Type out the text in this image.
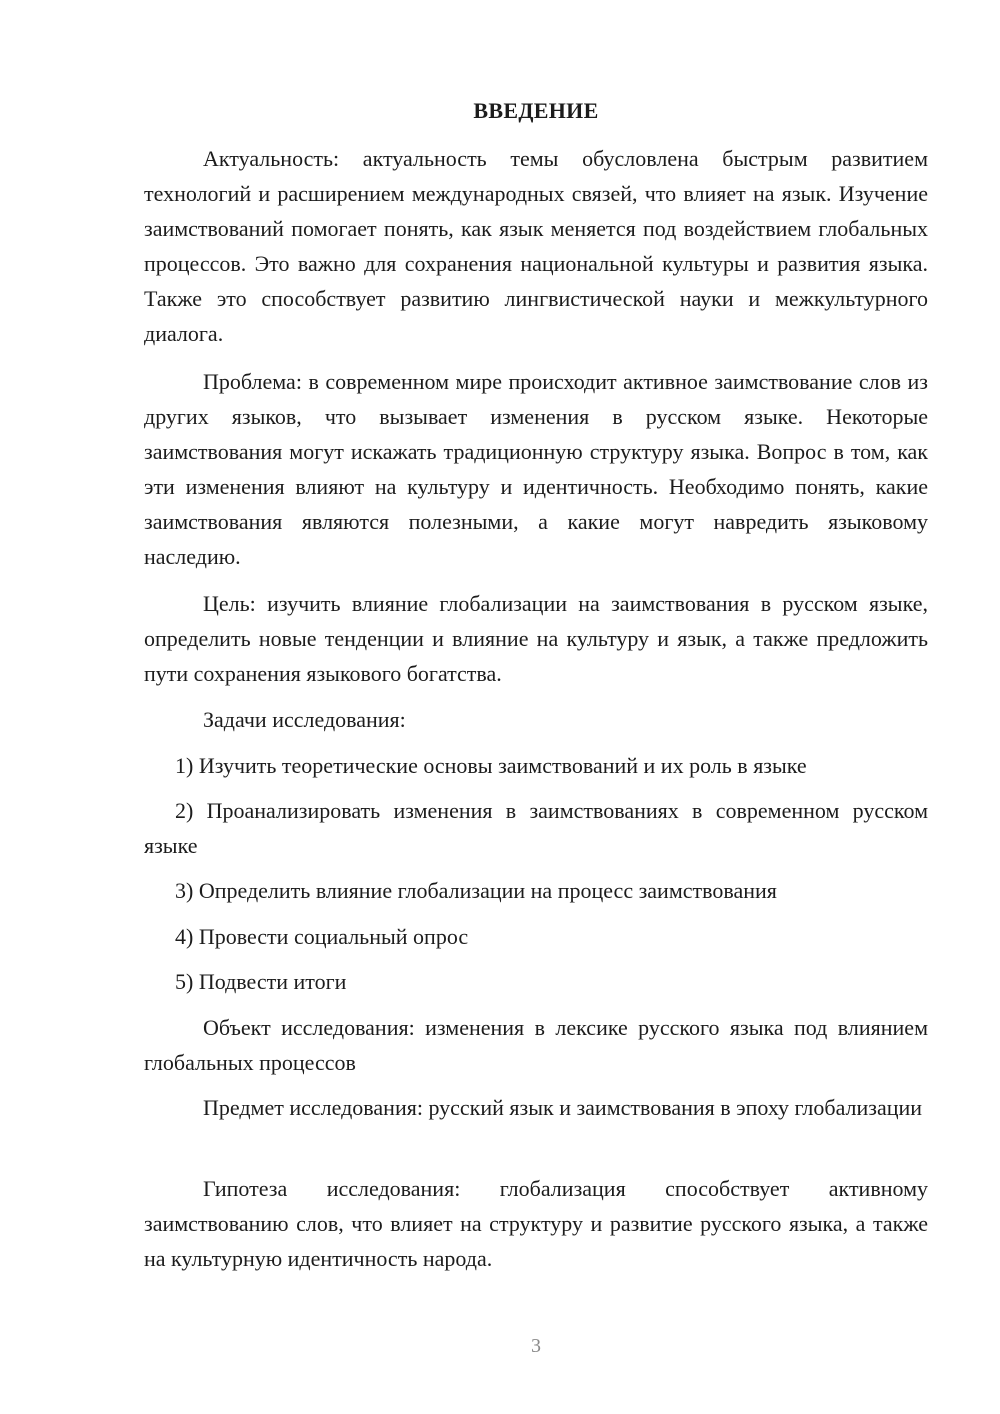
ВВЕДЕНИЕ

Актуальность: актуальность темы обусловлена быстрым развитием технологий и расширением международных связей, что влияет на язык. Изучение заимствований помогает понять, как язык меняется под воздействием глобальных процессов. Это важно для сохранения национальной культуры и развития языка. Также это способствует развитию лингвистической науки и межкультурного диалога.

Проблема: в современном мире происходит активное заимствование слов из других языков, что вызывает изменения в русском языке. Некоторые заимствования могут искажать традиционную структуру языка. Вопрос в том, как эти изменения влияют на культуру и идентичность. Необходимо понять, какие заимствования являются полезными, а какие могут навредить языковому наследию.

Цель: изучить влияние глобализации на заимствования в русском языке, определить новые тенденции и влияние на культуру и язык, а также предложить пути сохранения языкового богатства.

Задачи исследования:

1) Изучить теоретические основы заимствований и их роль в языке

2) Проанализировать изменения в заимствованиях в современном русском языке

3) Определить влияние глобализации на процесс заимствования

4) Провести социальный опрос

5) Подвести итоги

Объект исследования: изменения в лексике русского языка под влиянием глобальных процессов

Предмет исследования: русский язык и заимствования в эпоху глобализации

Гипотеза исследования: глобализация способствует активному заимствованию слов, что влияет на структуру и развитие русского языка, а также на культурную идентичность народа.

3
